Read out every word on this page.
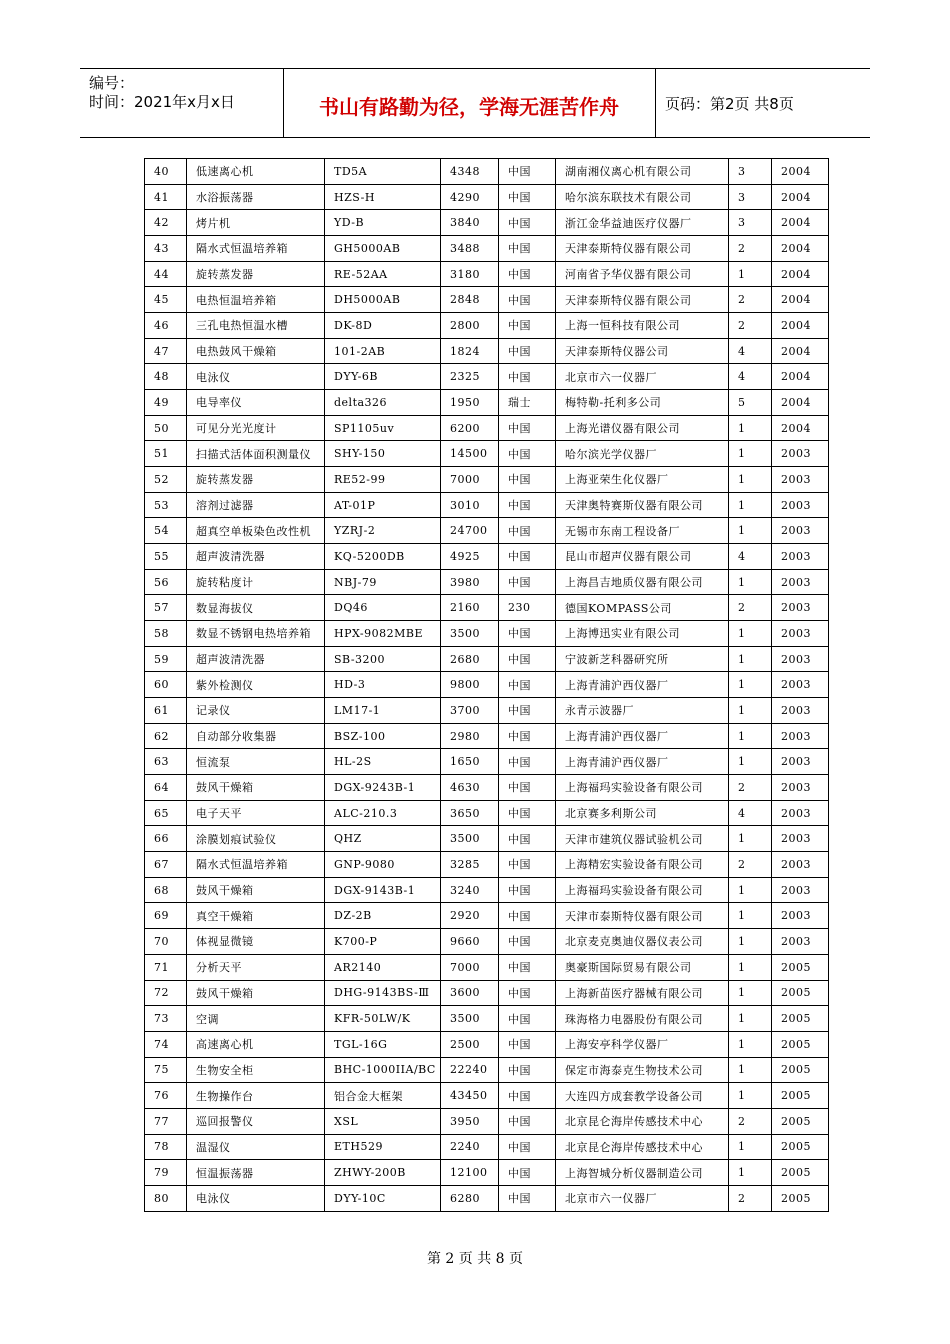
编号：
时间：2021年x月x日	书山有路勤为径，学海无涯苦作舟	页码：第2页 共8页
40	低速离心机	TD5A	4348	中国	湖南湘仪离心机有限公司	3	2004
41	水浴振荡器	HZS-H	4290	中国	哈尔滨东联技术有限公司	3	2004
42	烤片机	YD-B	3840	中国	浙江金华益迪医疗仪器厂	3	2004
43	隔水式恒温培养箱	GH5000AB	3488	中国	天津泰斯特仪器有限公司	2	2004
44	旋转蒸发器	RE-52AA	3180	中国	河南省予华仪器有限公司	1	2004
45	电热恒温培养箱	DH5000AB	2848	中国	天津泰斯特仪器有限公司	2	2004
46	三孔电热恒温水槽	DK-8D	2800	中国	上海一恒科技有限公司	2	2004
47	电热鼓风干燥箱	101-2AB	1824	中国	天津泰斯特仪器公司	4	2004
48	电泳仪	DYY-6B	2325	中国	北京市六一仪器厂	4	2004
49	电导率仪	delta326	1950	瑞士	梅特勒-托利多公司	5	2004
50	可见分光光度计	SP1105uv	6200	中国	上海光谱仪器有限公司	1	2004
51	扫描式活体面积测量仪	SHY-150	14500	中国	哈尔滨光学仪器厂	1	2003
52	旋转蒸发器	RE52-99	7000	中国	上海亚荣生化仪器厂	1	2003
53	溶剂过滤器	AT-01P	3010	中国	天津奥特赛斯仪器有限公司	1	2003
54	超真空单板染色改性机	YZRJ-2	24700	中国	无锡市东南工程设备厂	1	2003
55	超声波清洗器	KQ-5200DB	4925	中国	昆山市超声仪器有限公司	4	2003
56	旋转粘度计	NBJ-79	3980	中国	上海昌吉地质仪器有限公司	1	2003
57	数显海拔仪	DQ46	2160	230	德国KOMPASS公司	2	2003
58	数显不锈钢电热培养箱	HPX-9082MBE	3500	中国	上海博迅实业有限公司	1	2003
59	超声波清洗器	SB-3200	2680	中国	宁波新芝科器研究所	1	2003
60	紫外检测仪	HD-3	9800	中国	上海青浦沪西仪器厂	1	2003
61	记录仪	LM17-1	3700	中国	永青示波器厂	1	2003
62	自动部分收集器	BSZ-100	2980	中国	上海青浦沪西仪器厂	1	2003
63	恒流泵	HL-2S	1650	中国	上海青浦沪西仪器厂	1	2003
64	鼓风干燥箱	DGX-9243B-1	4630	中国	上海福玛实验设备有限公司	2	2003
65	电子天平	ALC-210.3	3650	中国	北京赛多利斯公司	4	2003
66	涂膜划痕试验仪	QHZ	3500	中国	天津市建筑仪器试验机公司	1	2003
67	隔水式恒温培养箱	GNP-9080	3285	中国	上海精宏实验设备有限公司	2	2003
68	鼓风干燥箱	DGX-9143B-1	3240	中国	上海福玛实验设备有限公司	1	2003
69	真空干燥箱	DZ-2B	2920	中国	天津市泰斯特仪器有限公司	1	2003
70	体视显微镜	K700-P	9660	中国	北京麦克奥迪仪器仪表公司	1	2003
71	分析天平	AR2140	7000	中国	奥豪斯国际贸易有限公司	1	2005
72	鼓风干燥箱	DHG-9143BS-Ⅲ	3600	中国	上海新苗医疗器械有限公司	1	2005
73	空调	KFR-50LW/K	3500	中国	珠海格力电器股份有限公司	1	2005
74	高速离心机	TGL-16G	2500	中国	上海安亭科学仪器厂	1	2005
75	生物安全柜	BHC-1000IIA/BC	22240	中国	保定市海泰克生物技术公司	1	2005
76	生物操作台	铝合金大框架	43450	中国	大连四方成套教学设备公司	1	2005
77	巡回报警仪	XSL	3950	中国	北京昆仑海岸传感技术中心	2	2005
78	温湿仪	ETH529	2240	中国	北京昆仑海岸传感技术中心	1	2005
79	恒温振荡器	ZHWY-200B	12100	中国	上海智城分析仪器制造公司	1	2005
80	电泳仪	DYY-10C	6280	中国	北京市六一仪器厂	2	2005
第 2 页 共 8 页
